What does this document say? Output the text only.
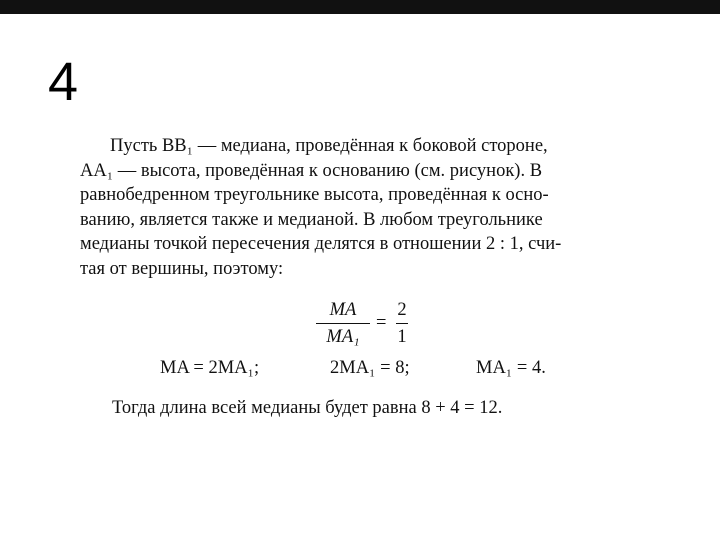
4

Пусть BB₁ — медиана, проведённая к боковой стороне,
AA₁ — высота, проведённая к основанию (см. рисунок). В
равнобедренном треугольнике высота, проведённая к осно-
ванию, является также и медианой. В любом треугольнике
медианы точкой пересечения делятся в отношении 2 : 1, счи-
тая от вершины, поэтому:

MA
MA₁
=
2
1
MA = 2MA₁;	2MA₁ = 8;	MA₁ = 4.
Тогда длина всей медианы будет равна 8 + 4 = 12.
